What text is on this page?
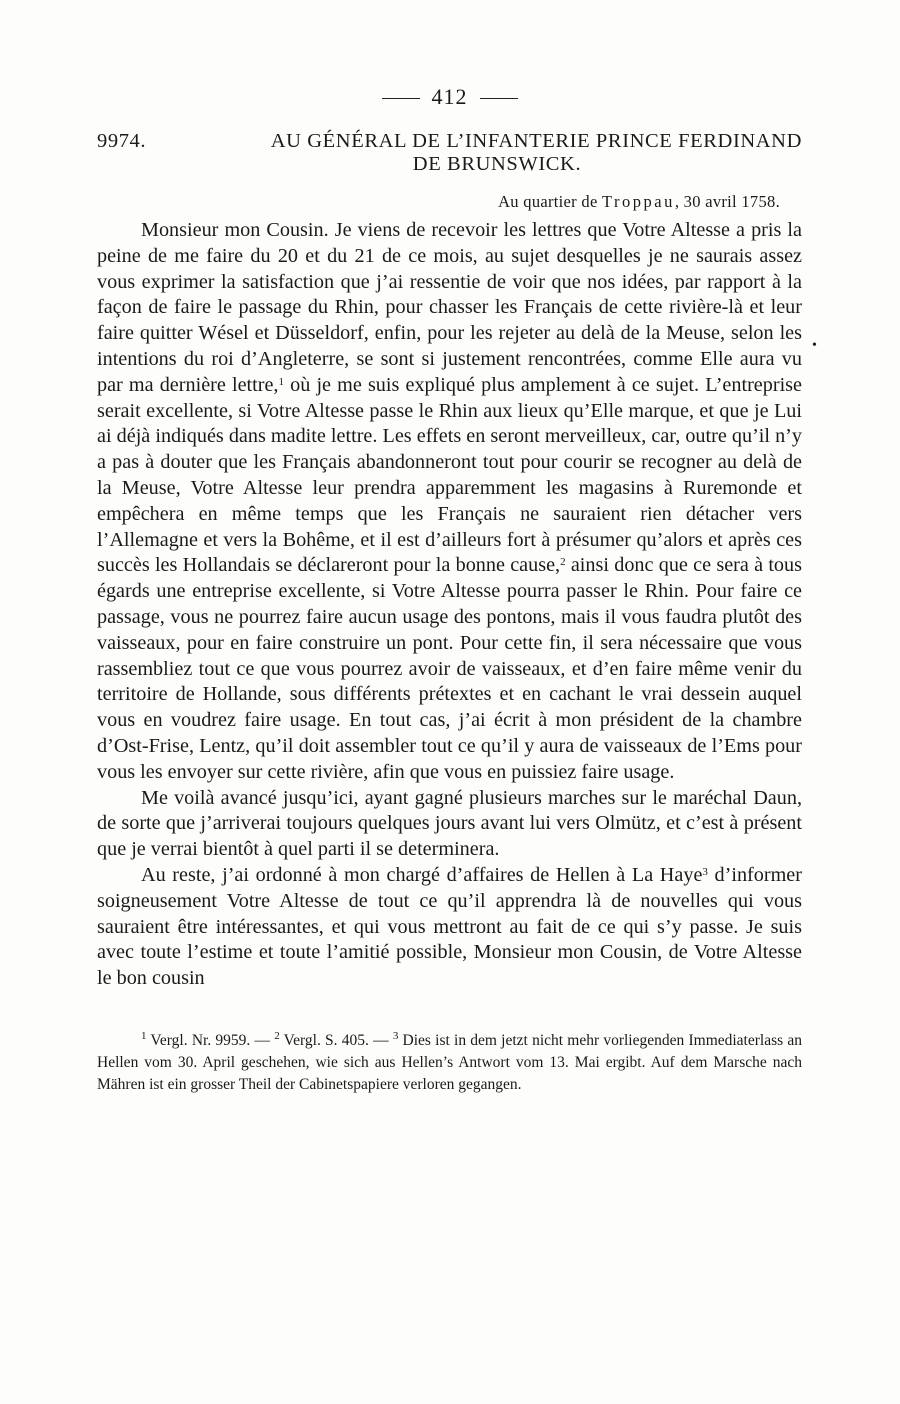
412
9974.	AU GÉNÉRAL DE L’INFANTERIE PRINCE FERDINAND
DE BRUNSWICK.
Au quartier de Troppau, 30 avril 1758.

Monsieur mon Cousin. Je viens de recevoir les lettres que Votre Altesse a pris la peine de me faire du 20 et du 21 de ce mois, au sujet desquelles je ne saurais assez vous exprimer la satisfaction que j’ai ressentie de voir que nos idées, par rapport à la façon de faire le passage du Rhin, pour chasser les Français de cette rivière-là et leur faire quitter Wésel et Düsseldorf, enfin, pour les rejeter au delà de la Meuse, selon les intentions du roi d’Angleterre, se sont si justement rencontrées, comme Elle aura vu par ma dernière lettre,$^1$ où je me suis expliqué plus amplement à ce sujet. L’entreprise serait excellente, si Votre Altesse passe le Rhin aux lieux qu’Elle marque, et que je Lui ai déjà indiqués dans madite lettre. Les effets en seront merveilleux, car, outre qu’il n’y a pas à douter que les Français abandonneront tout pour courir se recogner au delà de la Meuse, Votre Altesse leur prendra apparemment les magasins à Ruremonde et empêchera en même temps que les Français ne sauraient rien détacher vers l’Allemagne et vers la Bohême, et il est d’ailleurs fort à présumer qu’alors et après ces succès les Hollandais se déclareront pour la bonne cause,$^2$ ainsi donc que ce sera à tous égards une entreprise excellente, si Votre Altesse pourra passer le Rhin. Pour faire ce passage, vous ne pourrez faire aucun usage des pontons, mais il vous faudra plutôt des vaisseaux, pour en faire construire un pont. Pour cette fin, il sera nécessaire que vous rassembliez tout ce que vous pourrez avoir de vaisseaux, et d’en faire même venir du territoire de Hollande, sous différents prétextes et en cachant le vrai dessein auquel vous en voudrez faire usage. En tout cas, j’ai écrit à mon président de la chambre d’Ost-Frise, Lentz, qu’il doit assembler tout ce qu’il y aura de vaisseaux de l’Ems pour vous les envoyer sur cette rivière, afin que vous en puissiez faire usage.

Me voilà avancé jusqu’ici, ayant gagné plusieurs marches sur le maréchal Daun, de sorte que j’arriverai toujours quelques jours avant lui vers Olmütz, et c’est à présent que je verrai bientôt à quel parti il se determinera.

Au reste, j’ai ordonné à mon chargé d’affaires de Hellen à La Haye$^3$ d’informer soigneusement Votre Altesse de tout ce qu’il apprendra là de nouvelles qui vous sauraient être intéressantes, et qui vous mettront au fait de ce qui s’y passe. Je suis avec toute l’estime et toute l’amitié possible, Monsieur mon Cousin, de Votre Altesse le bon cousin

$^1$ Vergl. Nr. 9959. — $^2$ Vergl. S. 405. — $^3$ Dies ist in dem jetzt nicht mehr vorliegenden Immediaterlass an Hellen vom 30. April geschehen, wie sich aus Hellen’s Antwort vom 13. Mai ergibt. Auf dem Marsche nach Mähren ist ein grosser Theil der Cabinetspapiere verloren gegangen.
•
